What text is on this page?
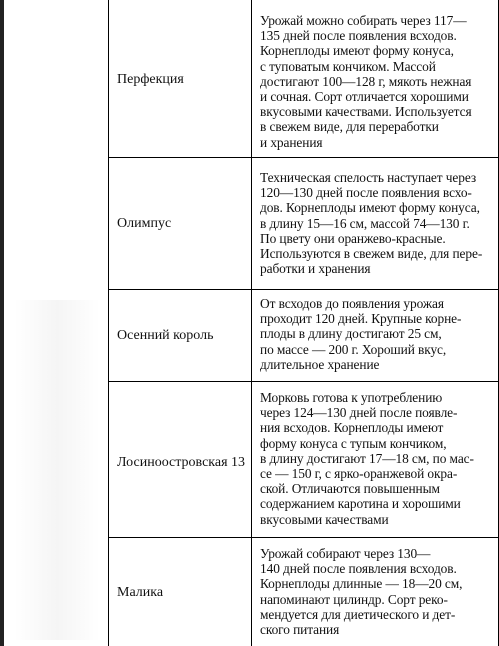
Перфекция
Урожай можно собирать через 117—
135 дней после появления всходов.
Корнеплоды имеют форму конуса,
с туповатым кончиком. Массой
достигают 100—128 г, мякоть нежная
и сочная. Сорт отличается хорошими
вкусовыми качествами. Используется
в свежем виде, для переработки
и хранения
Олимпус
Техническая спелость наступает через
120—130 дней после появления всхо-
дов. Корнеплоды имеют форму конуса,
в длину 15—16 см, массой 74—130 г.
По цвету они оранжево-красные.
Используются в свежем виде, для пере-
работки и хранения
Осенний король
От всходов до появления урожая
проходит 120 дней. Крупные корне-
плоды в длину достигают 25 см,
по массе — 200 г. Хороший вкус,
длительное хранение
Лосиноостровская 13
Морковь готова к употреблению
через 124—130 дней после появле-
ния всходов. Корнеплоды имеют
форму конуса с тупым кончиком,
в длину достигают 17—18 см, по мас-
се — 150 г, с ярко-оранжевой окра-
ской. Отличаются повышенным
содержанием каротина и хорошими
вкусовыми качествами
Малика
Урожай собирают через 130—
140 дней после появления всходов.
Корнеплоды длинные — 18—20 см,
напоминают цилиндр. Сорт реко-
мендуется для диетического и дет-
ского питания
